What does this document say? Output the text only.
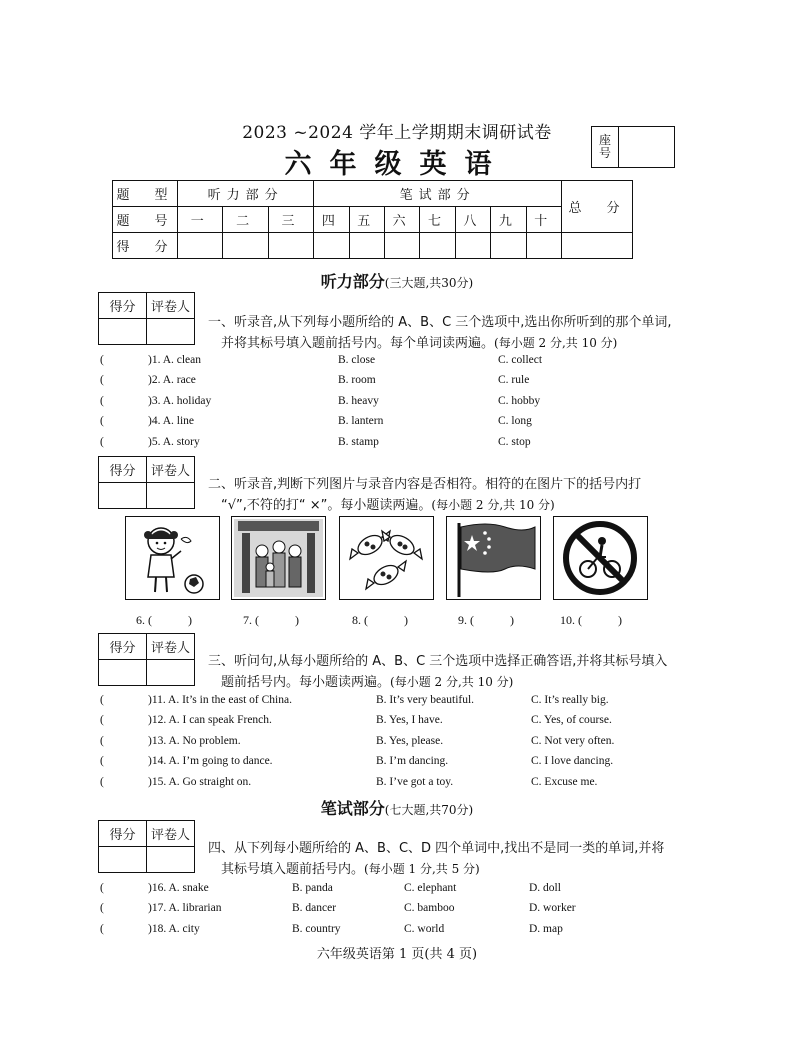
2023 ~2024 学年上学期期末调研试卷
六年级英语
座
号
题　型	听力部分			笔试部分							总　分
题　号	一	二	三	四	五	六	七	八	九	十	
得　分											
听力部分(三大题,共30分)
得分	评卷人

一、听录音,从下列每小题所给的 A、B、C 三个选项中,选出你所听到的那个单词,
并将其标号填入题前括号内。每个单词读两遍。(每小题 2 分,共 10 分)
(	)1. A. clean	B. close	C. collect
(	)2. A. race	B. room	C. rule
(	)3. A. holiday	B. heavy	C. hobby
(	)4. A. line	B. lantern	C. long
(	)5. A. story	B. stamp	C. stop
得分	评卷人

二、听录音,判断下列图片与录音内容是否相符。相符的在图片下的括号内打
“√”,不符的打“ ×”。每小题读两遍。(每小题 2 分,共 10 分)
6. (　　　)	7. (　　　)	8. (　　　)	9. (　　　)	10. (　　　)
得分	评卷人

三、听问句,从每小题所给的 A、B、C 三个选项中选择正确答语,并将其标号填入
题前括号内。每小题读两遍。(每小题 2 分,共 10 分)
(	)11. A. It’s in the east of China.	B. It’s very beautiful.	C. It’s really big.
(	)12. A. I can speak French.	B. Yes, I have.	C. Yes, of course.
(	)13. A. No problem.	B. Yes, please.	C. Not very often.
(	)14. A. I’m going to dance.	B. I’m dancing.	C. I love dancing.
(	)15. A. Go straight on.	B. I’ve got a toy.	C. Excuse me.
笔试部分(七大题,共70分)
得分	评卷人

四、从下列每小题所给的 A、B、C、D 四个单词中,找出不是同一类的单词,并将
其标号填入题前括号内。(每小题 1 分,共 5 分)
(	)16. A. snake	B. panda	C. elephant	D. doll
(	)17. A. librarian	B. dancer	C. bamboo	D. worker
(	)18. A. city	B. country	C. world	D. map
六年级英语第 1 页(共 4 页)
